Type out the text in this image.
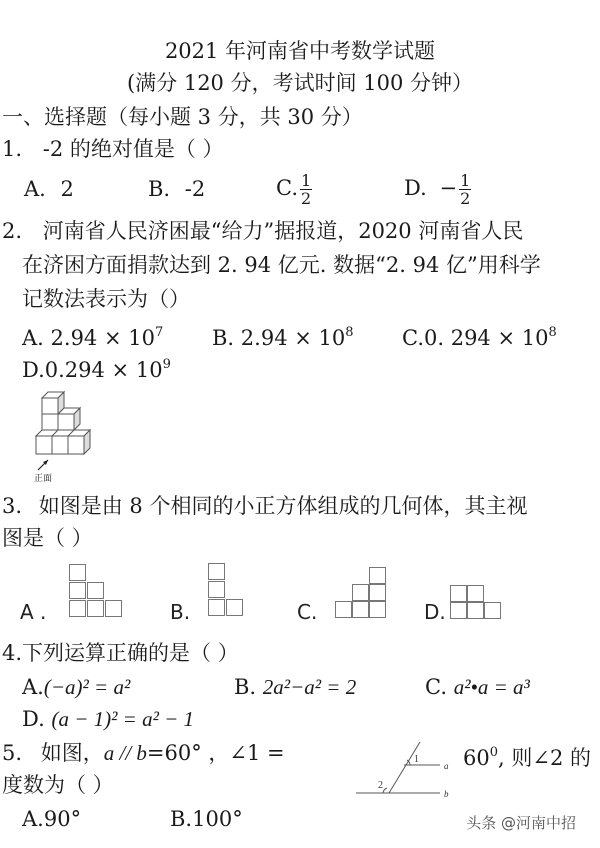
2021 年河南省中考数学试题
(满分 120 分，考试时间 100 分钟）
一、选择题（每小题 3 分，共 30 分）
1. -2 的绝对值是（ ）
A. 2	B. -2	C. $\frac{1}{2}$	D. − $\frac{1}{2}$
2. 河南省人民济困最“给力”据报道，2020 河南省人民
在济困方面捐款达到 2. 94 亿元. 数据“2. 94 亿”用科学
记数法表示为（）
A. $2.94 \times 10^7$ B. $2.94 \times 10^8$ C.0. $294 \times 10^8$
$D.0.294 \times 10^9$
正面
3. 如图是由 8 个相同的小正方体组成的几何体，其主视
图是（ ）
A .	B.	C.	D.
4.下列运算正确的是（ ）
A.(−a)² = a²	B. 2a²−a² = 2	C. a²•a = a³
D. (a − 1)² = a² − 1
5. 如图，a // b=60° ，∠1 =	$60^0$, 则∠2 的
度数为（ ）
1
2
a
b
A.90°	B.100°	头条 @河南中招
